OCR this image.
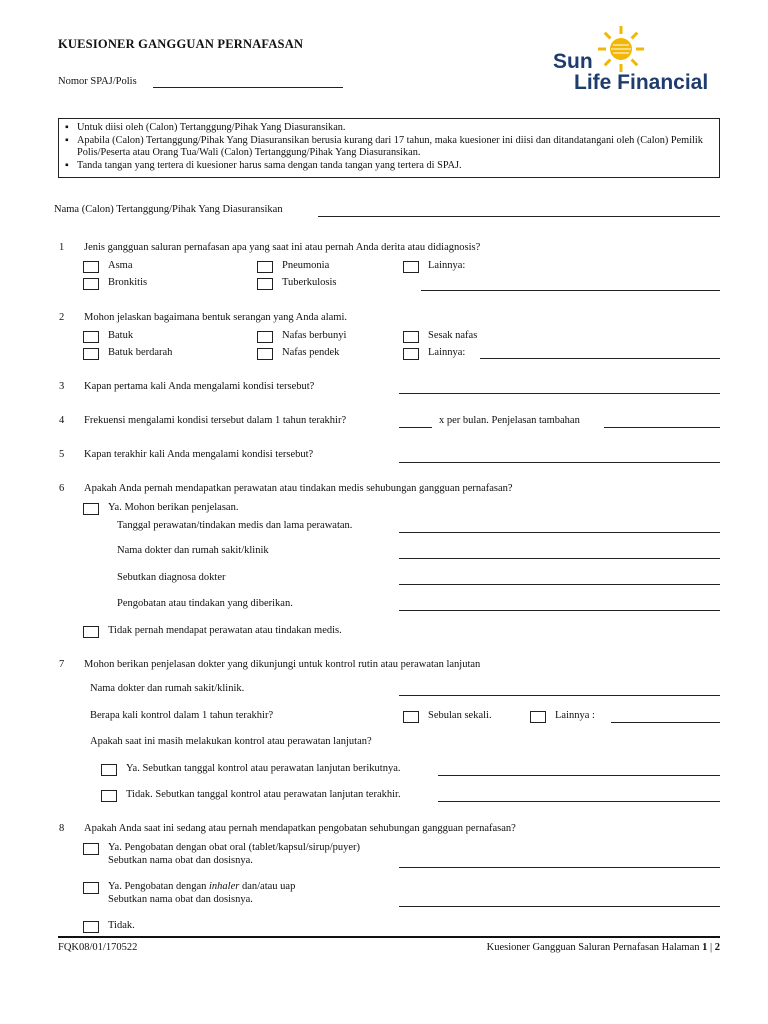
KUESIONER GANGGUAN PERNAFASAN
Nomor SPAJ/Polis
Sun
Life Financial
▪ Untuk diisi oleh (Calon) Tertanggung/Pihak Yang Diasuransikan.
▪ Apabila (Calon) Tertanggung/Pihak Yang Diasuransikan berusia kurang dari 17 tahun, maka kuesioner ini diisi dan ditandatangani oleh (Calon) Pemilik Polis/Peserta atau Orang Tua/Wali (Calon) Tertanggung/Pihak Yang Diasuransikan.
▪ Tanda tangan yang tertera di kuesioner harus sama dengan tanda tangan yang tertera di SPAJ.
Nama (Calon) Tertanggung/Pihak Yang Diasuransikan
1 Jenis gangguan saluran pernafasan apa yang saat ini atau pernah Anda derita atau didiagnosis?
Asma	Pneumonia	Lainnya:
Bronkitis	Tuberkulosis
2 Mohon jelaskan bagaimana bentuk serangan yang Anda alami.
Batuk	Nafas berbunyi	Sesak nafas
Batuk berdarah	Nafas pendek	Lainnya:
3 Kapan pertama kali Anda mengalami kondisi tersebut?
4 Frekuensi mengalami kondisi tersebut dalam 1 tahun terakhir?	x per bulan. Penjelasan tambahan
5 Kapan terakhir kali Anda mengalami kondisi tersebut?
6 Apakah Anda pernah mendapatkan perawatan atau tindakan medis sehubungan gangguan pernafasan?
Ya. Mohon berikan penjelasan.
Tanggal perawatan/tindakan medis dan lama perawatan.
Nama dokter dan rumah sakit/klinik
Sebutkan diagnosa dokter
Pengobatan atau tindakan yang diberikan.
Tidak pernah mendapat perawatan atau tindakan medis.
7 Mohon berikan penjelasan dokter yang dikunjungi untuk kontrol rutin atau perawatan lanjutan
Nama dokter dan rumah sakit/klinik.
Berapa kali kontrol dalam 1 tahun terakhir?	Sebulan sekali.	Lainnya :
Apakah saat ini masih melakukan kontrol atau perawatan lanjutan?
Ya. Sebutkan tanggal kontrol atau perawatan lanjutan berikutnya.
Tidak. Sebutkan tanggal kontrol atau perawatan lanjutan terakhir.
8 Apakah Anda saat ini sedang atau pernah mendapatkan pengobatan sehubungan gangguan pernafasan?
Ya. Pengobatan dengan obat oral (tablet/kapsul/sirup/puyer)
Sebutkan nama obat dan dosisnya.
Ya. Pengobatan dengan inhaler dan/atau uap
Sebutkan nama obat dan dosisnya.
Tidak.
FQK08/01/170522	Kuesioner Gangguan Saluran Pernafasan Halaman 1 | 2
